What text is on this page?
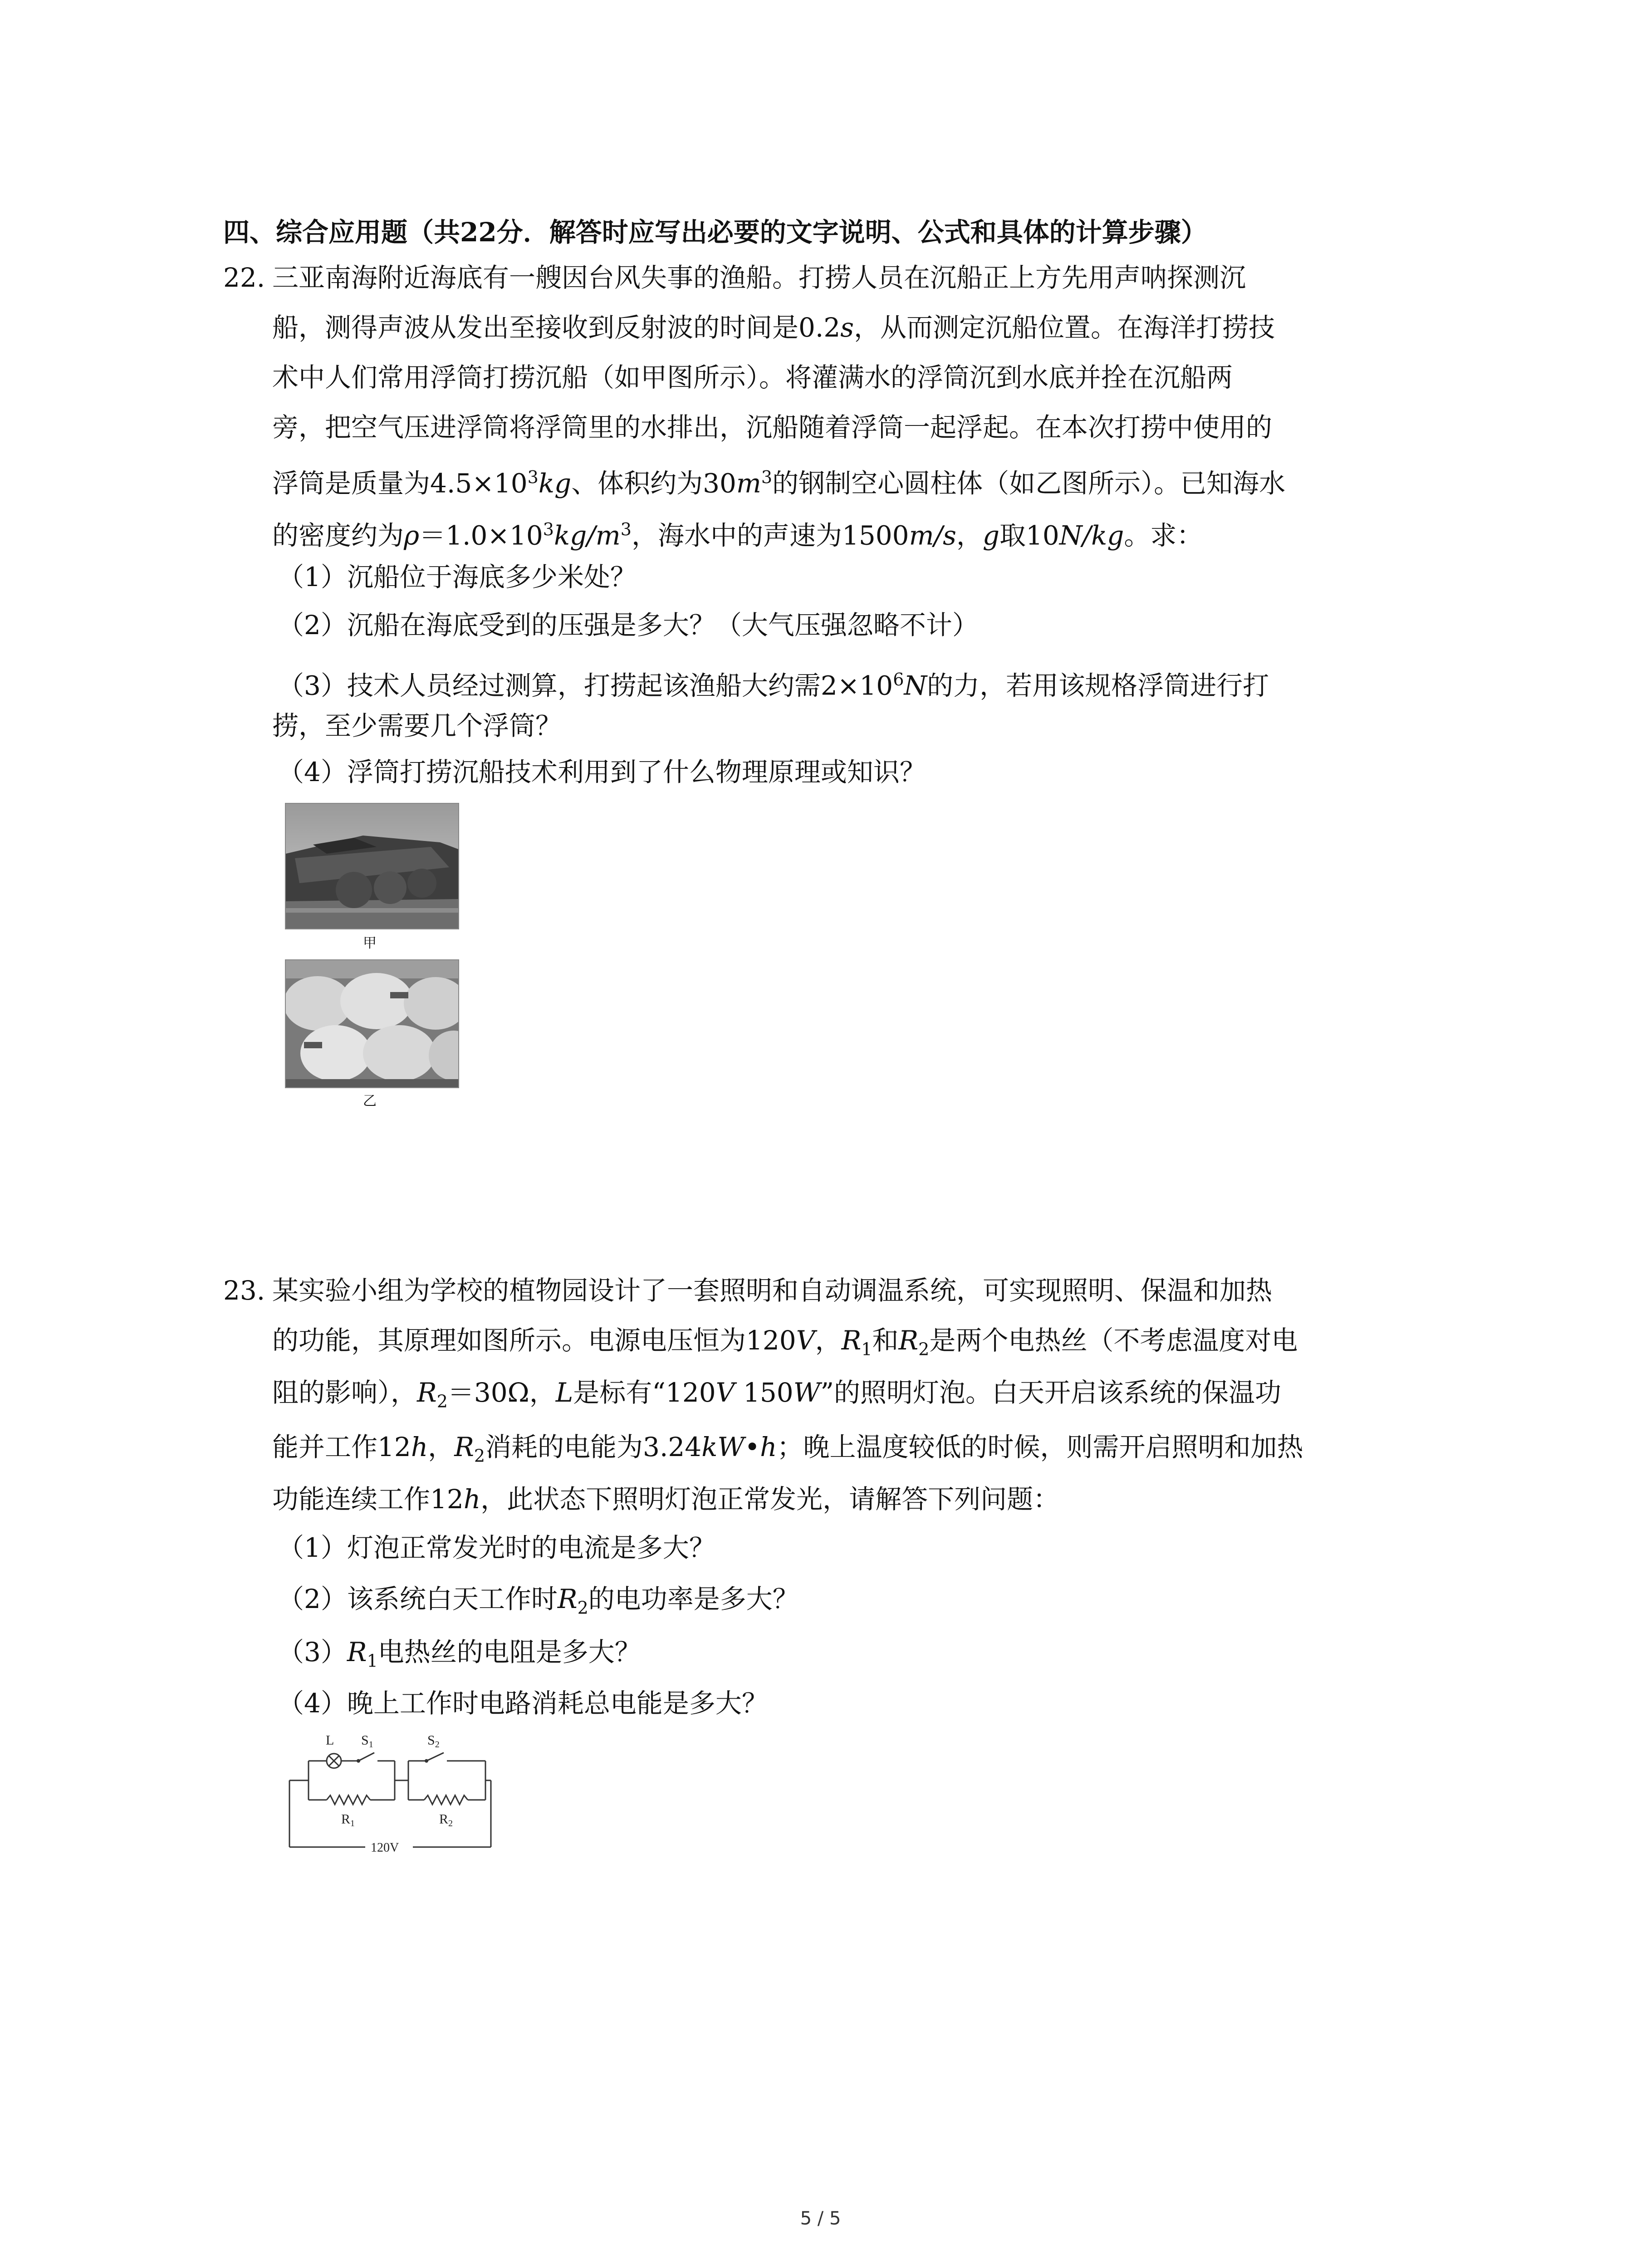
四、综合应用题（共22分．解答时应写出必要的文字说明、公式和具体的计算步骤）
22. 三亚南海附近海底有一艘因台风失事的渔船。打捞人员在沉船正上方先用声呐探测沉
船，测得声波从发出至接收到反射波的时间是0.2s，从而测定沉船位置。在海洋打捞技
术中人们常用浮筒打捞沉船（如甲图所示）。将灌满水的浮筒沉到水底并拴在沉船两
旁，把空气压进浮筒将浮筒里的水排出，沉船随着浮筒一起浮起。在本次打捞中使用的
浮筒是质量为$4.5\times 10^3kg$、体积约为$30m^3$的钢制空心圆柱体（如乙图所示）。已知海水
的密度约为$\rho=1.0\times 10^3kg/m^3$，海水中的声速为1500m/s，g取10N/kg。求：
（1）沉船位于海底多少米处？
（2）沉船在海底受到的压强是多大？（大气压强忽略不计）
（3）技术人员经过测算，打捞起该渔船大约需$2\times 10^6N$的力，若用该规格浮筒进行打
捞，至少需要几个浮筒？
（4）浮筒打捞沉船技术利用到了什么物理原理或知识？
甲
乙
23. 某实验小组为学校的植物园设计了一套照明和自动调温系统，可实现照明、保温和加热
的功能，其原理如图所示。电源电压恒为120V，$R_1$和$R_2$是两个电热丝（不考虑温度对电
阻的影响），$R_2=30\Omega$，L是标有“120V 150W”的照明灯泡。白天开启该系统的保温功
能并工作12h，$R_2$消耗的电能为3.24kW•h；晚上温度较低的时候，则需开启照明和加热
功能连续工作12h，此状态下照明灯泡正常发光，请解答下列问题：
（1）灯泡正常发光时的电流是多大？
（2）该系统白天工作时$R_2$的电功率是多大？
$(3)R_1$电热丝的电阻是多大？
（4）晚上工作时电路消耗总电能是多大？
L $S_1$	$S_2$
$R_1$	$R_2$
120V
5 / 5
